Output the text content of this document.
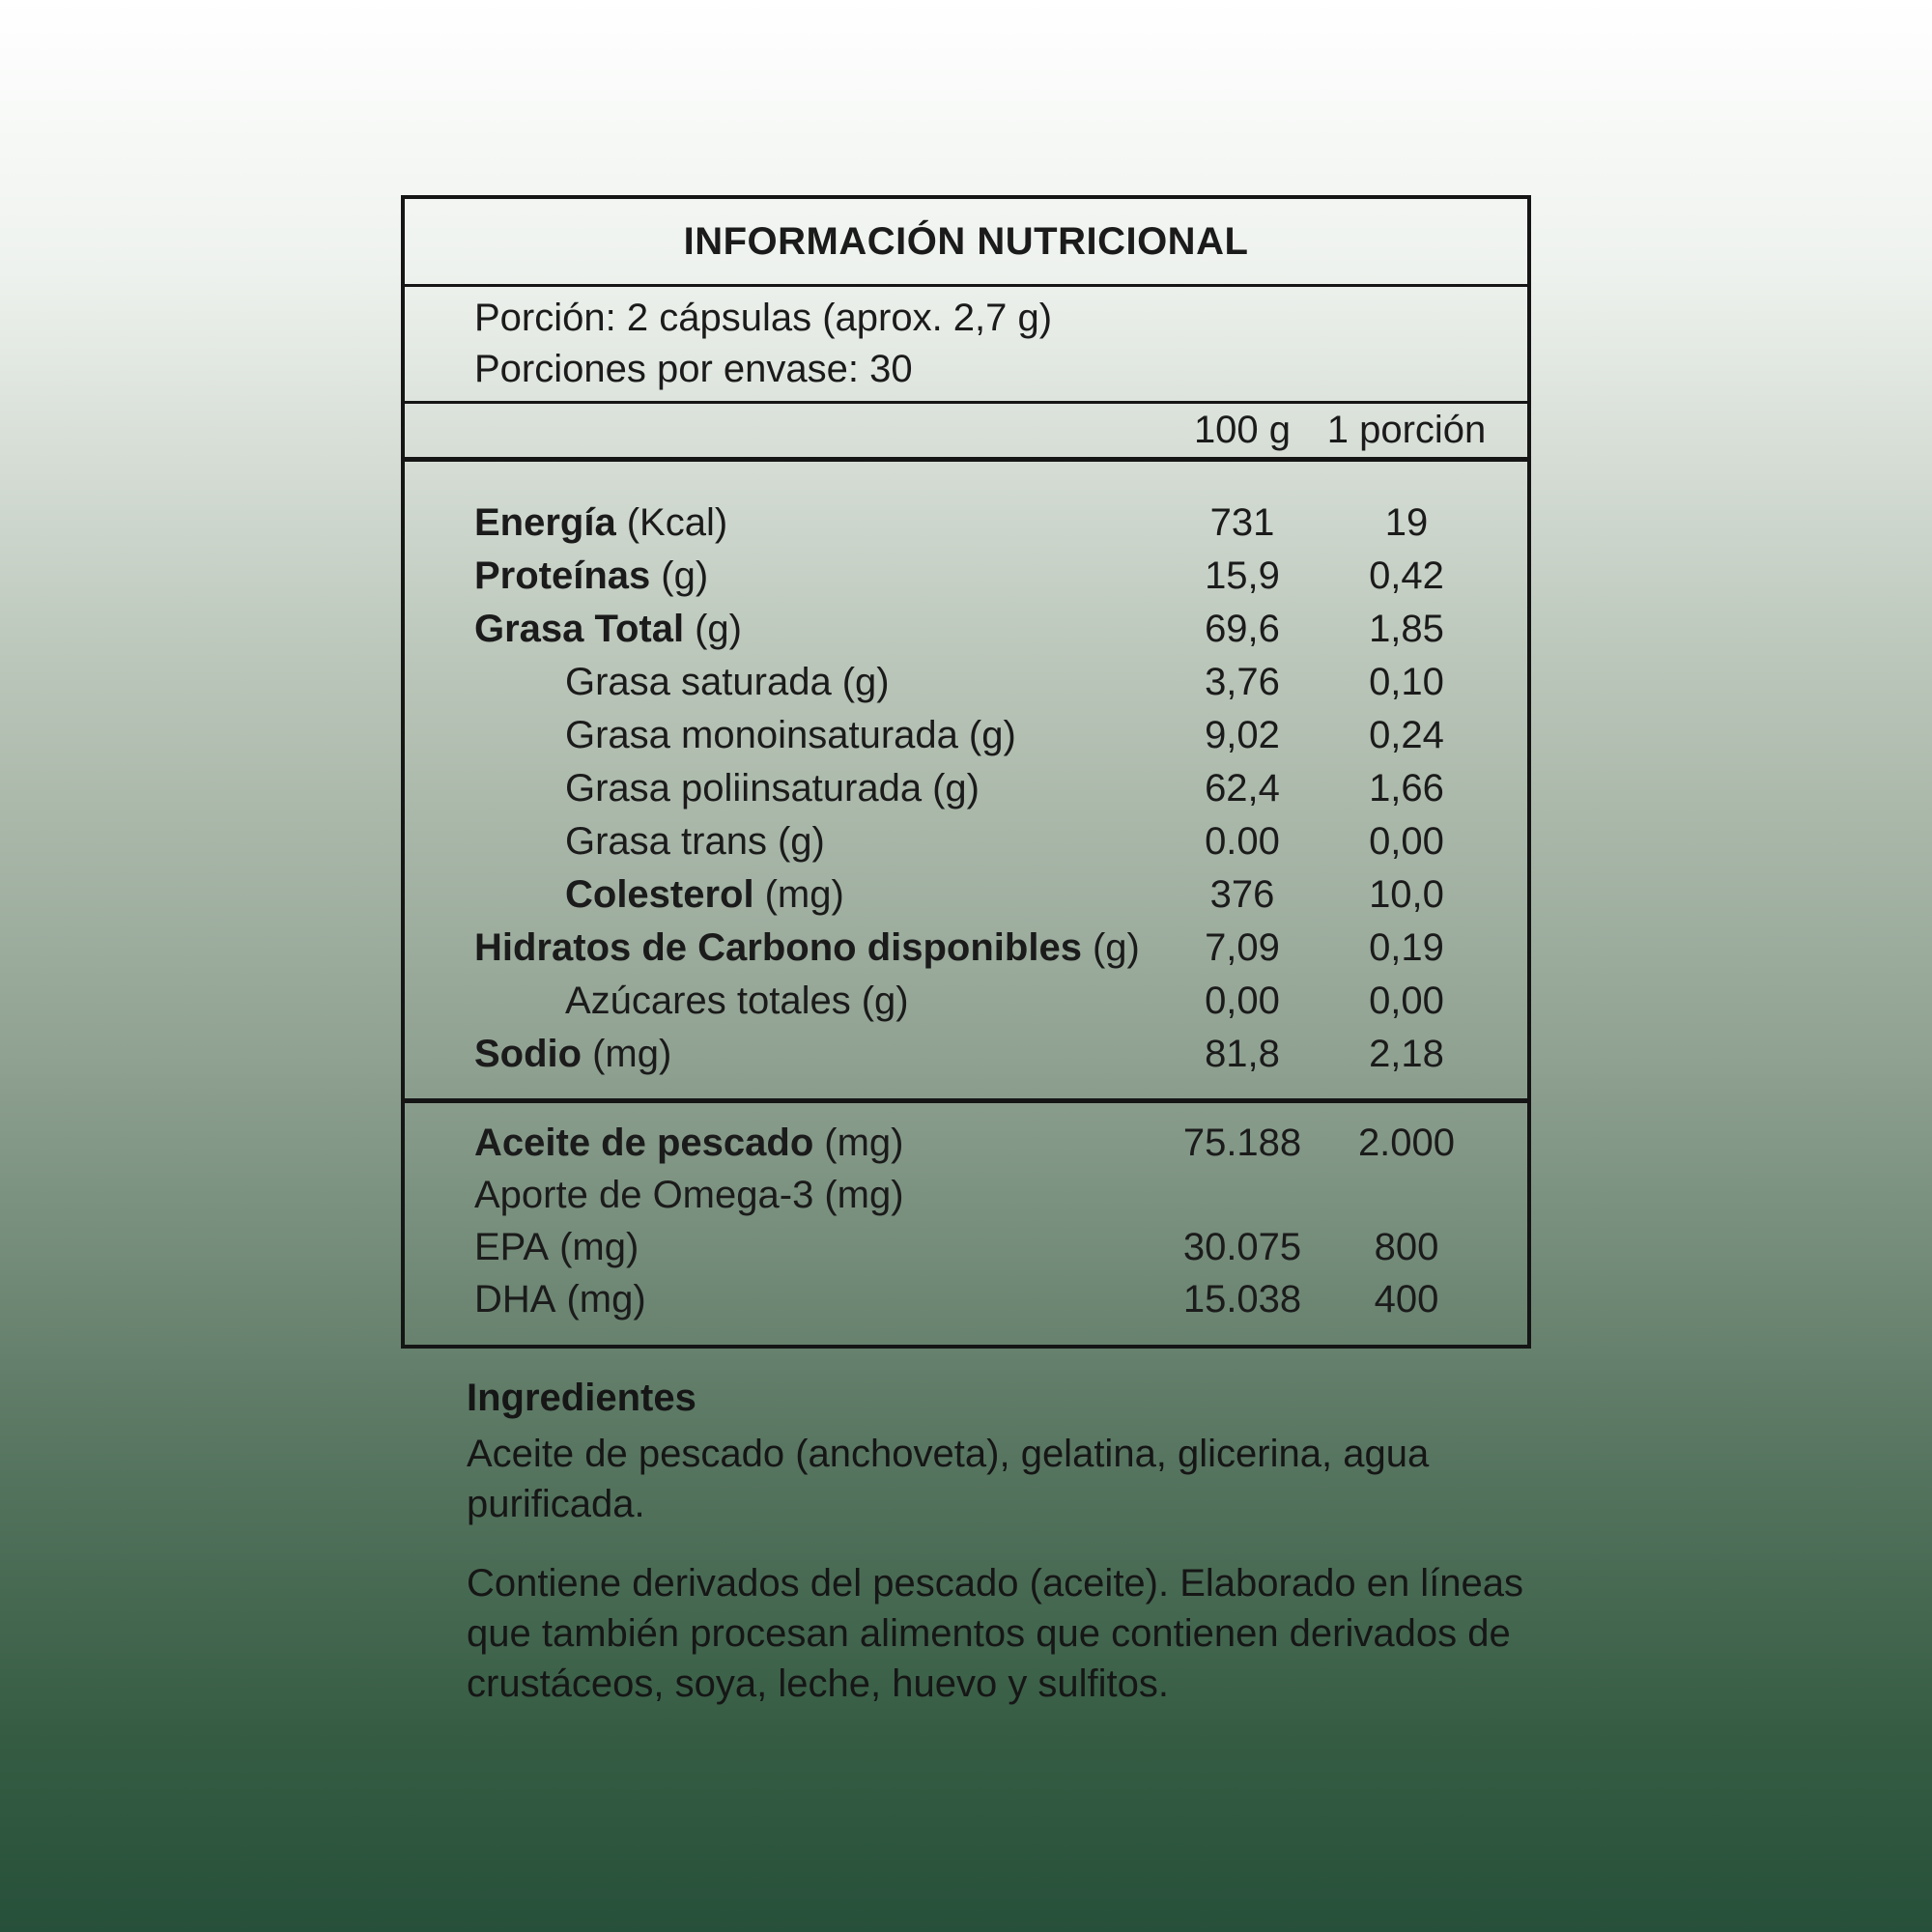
INFORMACIÓN NUTRICIONAL
Porción: 2 cápsulas (aprox. 2,7 g)
Porciones por envase: 30
100 g 1 porción
Energía (Kcal)	731	19
Proteínas (g)	15,9	0,42
Grasa Total (g)	69,6	1,85
Grasa saturada (g)	3,76	0,10
Grasa monoinsaturada (g)	9,02	0,24
Grasa poliinsaturada (g)	62,4	1,66
Grasa trans (g)	0.00	0,00
Colesterol (mg)	376	10,0
Hidratos de Carbono disponibles (g)	7,09	0,19
Azúcares totales (g)	0,00	0,00
Sodio (mg)	81,8	2,18
Aceite de pescado (mg)	75.188	2.000
Aporte de Omega-3 (mg)
EPA (mg)	30.075	800
DHA (mg)	15.038	400
Ingredientes
Aceite de pescado (anchoveta), gelatina, glicerina, agua purificada.
Contiene derivados del pescado (aceite). Elaborado en líneas que también procesan alimentos que contienen derivados de crustáceos, soya, leche, huevo y sulfitos.
